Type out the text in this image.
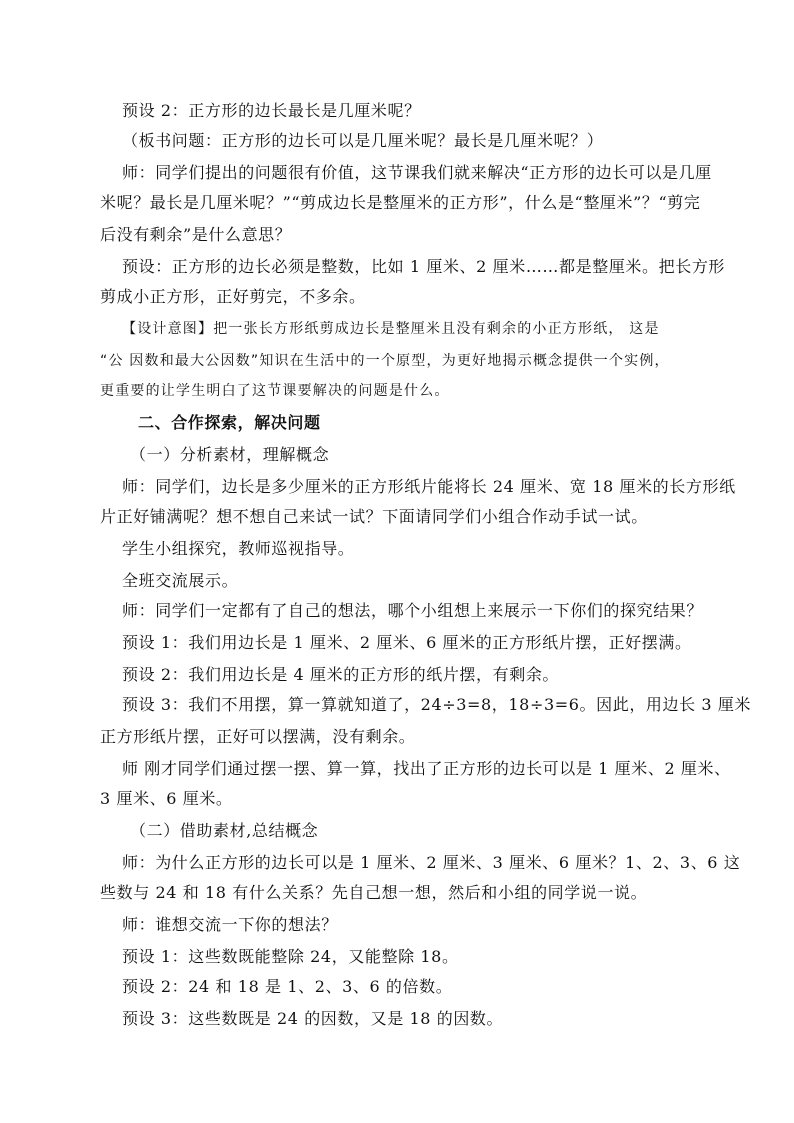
预设 2：正方形的边长最长是几厘米呢？
（板书问题：正方形的边长可以是几厘米呢？最长是几厘米呢？）
师：同学们提出的问题很有价值，这节课我们就来解决“正方形的边长可以是几厘
米呢？最长是几厘米呢？”“剪成边长是整厘米的正方形”，什么是“整厘米”？“剪完
后没有剩余”是什么意思？
预设：正方形的边长必须是整数，比如 1 厘米、2 厘米……都是整厘米。把长方形
剪成小正方形，正好剪完，不多余。
【设计意图】把一张长方形纸剪成边长是整厘米且没有剩余的小正方形纸， 这是
“公 因数和最大公因数”知识在生活中的一个原型，为更好地揭示概念提供一个实例，
更重要的让学生明白了这节课要解决的问题是什么。
二、合作探索，解决问题
（一）分析素材，理解概念
师：同学们，边长是多少厘米的正方形纸片能将长 24 厘米、宽 18 厘米的长方形纸
片正好铺满呢？想不想自己来试一试？下面请同学们小组合作动手试一试。
学生小组探究，教师巡视指导。
全班交流展示。
师：同学们一定都有了自己的想法，哪个小组想上来展示一下你们的探究结果？
预设 1：我们用边长是 1 厘米、2 厘米、6 厘米的正方形纸片摆，正好摆满。
预设 2：我们用边长是 4 厘米的正方形的纸片摆，有剩余。
预设 3：我们不用摆，算一算就知道了，24÷3=8，18÷3=6。因此，用边长 3 厘米
正方形纸片摆，正好可以摆满，没有剩余。
师 刚才同学们通过摆一摆、算一算，找出了正方形的边长可以是 1 厘米、2 厘米、
3 厘米、6 厘米。
（二）借助素材,总结概念
师：为什么正方形的边长可以是 1 厘米、2 厘米、3 厘米、6 厘米？1、2、3、6 这
些数与 24 和 18 有什么关系？先自己想一想，然后和小组的同学说一说。
师：谁想交流一下你的想法？
预设 1：这些数既能整除 24，又能整除 18。
预设 2：24 和 18 是 1、2、3、6 的倍数。
预设 3：这些数既是 24 的因数，又是 18 的因数。
